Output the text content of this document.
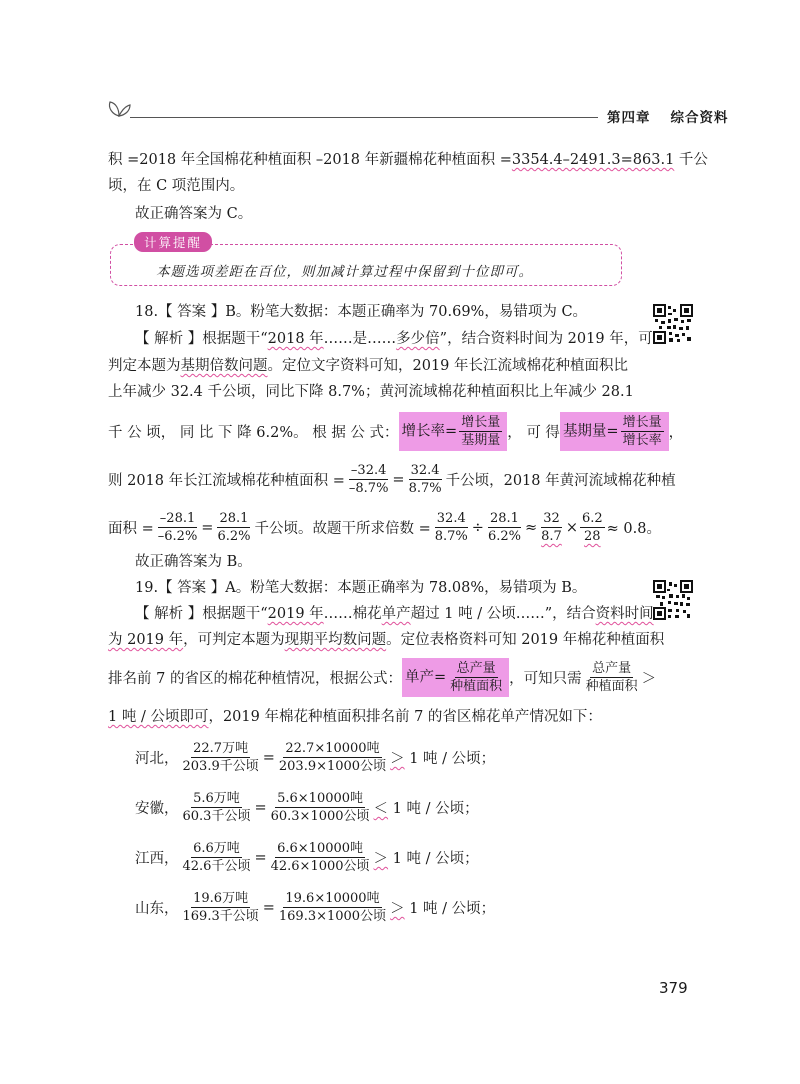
第四章 综合资料
积 =2018 年全国棉花种植面积 –2018 年新疆棉花种植面积 =3354.4–2491.3=863.1 千公
顷，在 C 项范围内。
故正确答案为 C。
计算提醒
本题选项差距在百位，则加减计算过程中保留到十位即可。
18.【 答案 】B。粉笔大数据：本题正确率为 70.69%，易错项为 C。
【 解析 】根据题干“2018 年……是……多少倍”，结合资料时间为 2019 年，可
判定本题为基期倍数问题。定位文字资料可知，2019 年长江流域棉花种植面积比
上年减少 32.4 千公顷，同比下降 8.7%；黄河流域棉花种植面积比上年减少 28.1
千 公 顷， 同 比 下 降 6.2%。 根 据 公 式： 增长率= $\frac{\text{增长量}}{\text{基期量}}$ ， 可 得 基期量= $\frac{\text{增长量}}{\text{增长率}}$ ，
则 2018 年长江流域棉花种植面积 = $\frac{-32.4}{-8.7\%} = \frac{32.4}{8.7\%}$ 千公顷，2018 年黄河流域棉花种植
面积 = $\frac{-28.1}{-6.2\%} = \frac{28.1}{6.2\%}$ 千公顷。故题干所求倍数 = $\frac{32.4}{8.7\%} \div \frac{28.1}{6.2\%} \approx \frac{32}{8.7} \times \frac{6.2}{28} \approx 0.8$。
故正确答案为 B。
19.【 答案 】A。粉笔大数据：本题正确率为 78.08%，易错项为 B。
【 解析 】根据题干“2019 年……棉花单产超过 1 吨 / 公顷……”，结合资料时间
为 2019 年，可判定本题为现期平均数问题。定位表格资料可知 2019 年棉花种植面积
排名前 7 的省区的棉花种植情况，根据公式： 单产= $\frac{\text{总产量}}{\text{种植面积}}$ ，可知只需 $\frac{\text{总产量}}{\text{种植面积}}$ ＞
1 吨 / 公顷即可，2019 年棉花种植面积排名前 7 的省区棉花单产情况如下：
河北， $\frac{\text{22.7万吨}}{\text{203.9千公顷}} = \frac{\text{22.7×10000吨}}{\text{203.9×1000公顷}}$ ＞
1 吨 / 公顷；
安徽， $\frac{\text{5.6万吨}}{\text{60.3千公顷}} = \frac{\text{5.6×10000吨}}{\text{60.3×1000公顷}}$ ＜
1 吨 / 公顷；
江西， $\frac{\text{6.6万吨}}{\text{42.6千公顷}} = \frac{\text{6.6×10000吨}}{\text{42.6×1000公顷}}$ ＞
1 吨 / 公顷；
山东， $\frac{\text{19.6万吨}}{\text{169.3千公顷}} = \frac{\text{19.6×10000吨}}{\text{169.3×1000公顷}}$ ＞
1 吨 / 公顷；
379
